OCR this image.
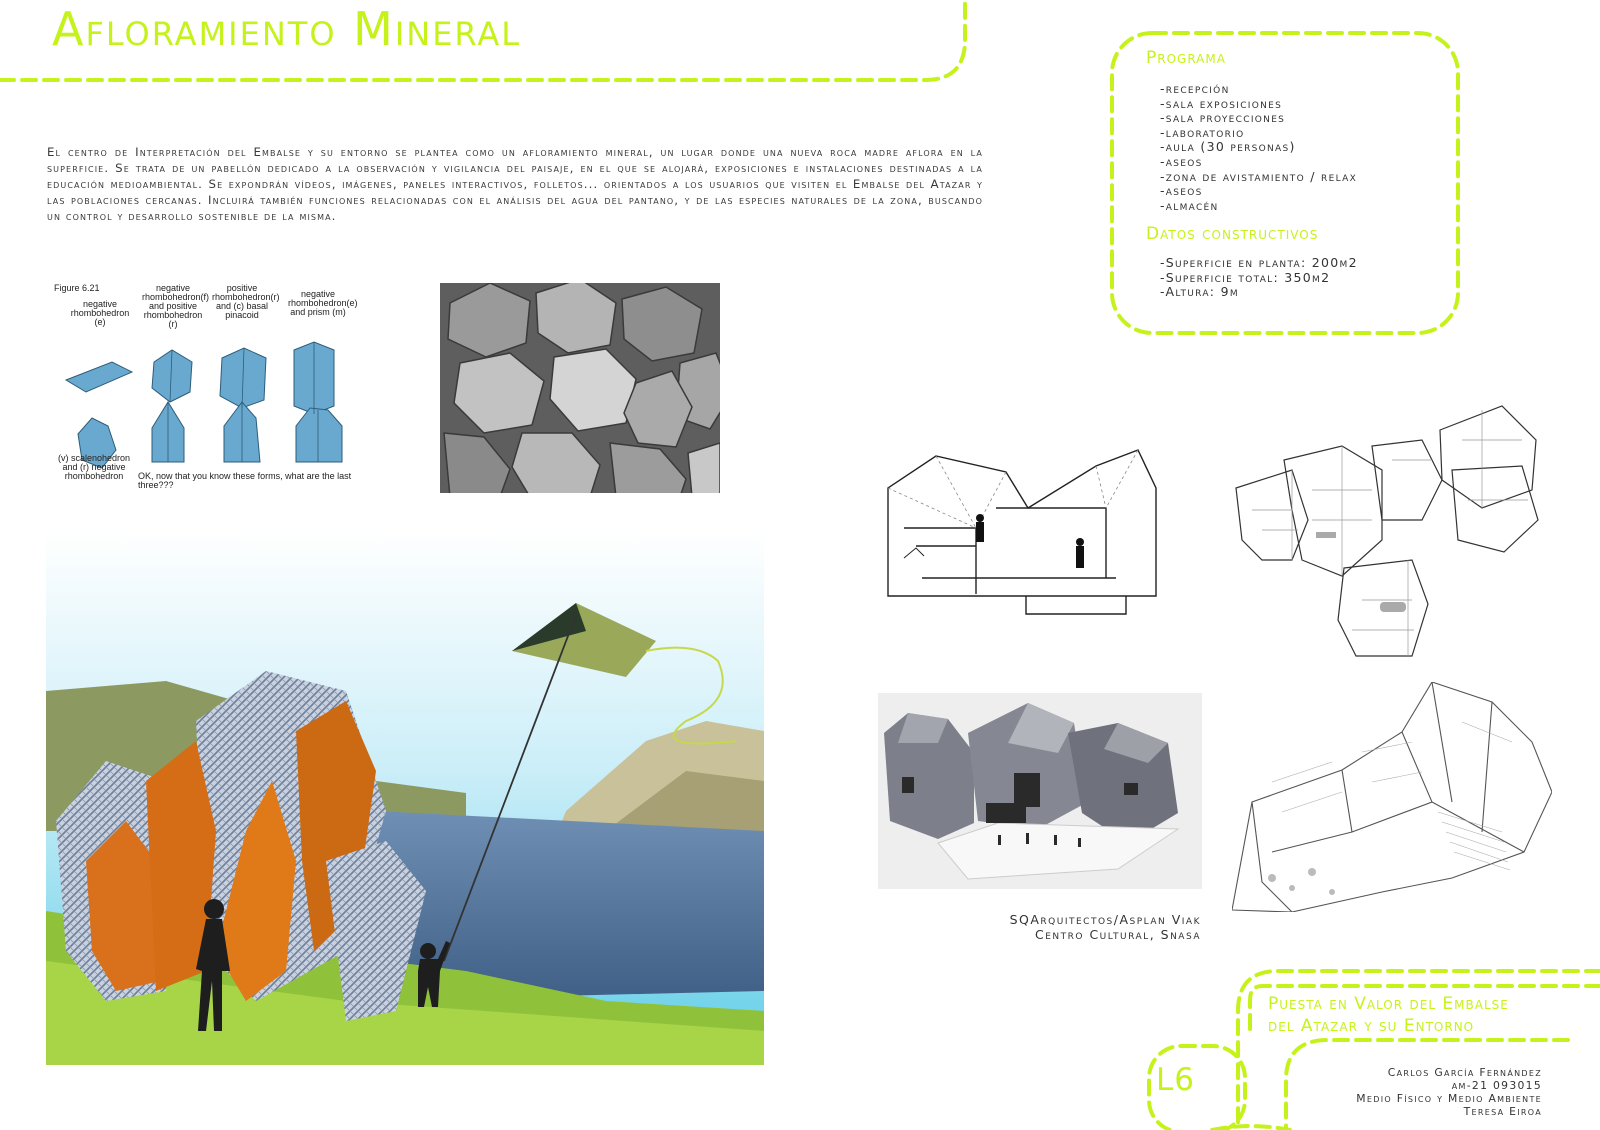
Afloramiento Mineral

El centro de Interpretación del Embalse y su entorno se plantea como un afloramiento mineral, un lugar donde una nueva roca madre aflora en la superficie. Se trata de un pabellón dedicado a la observación y vigilancia del paisaje, en el que se alojará, exposiciones e instalaciones destinadas a la educación medioambiental. Se expondrán vídeos, imágenes, paneles interactivos, folletos... orientados a los usuarios que visiten el Embalse del Atazar y las poblaciones cercanas. Incluirá también funciones relacionadas con el análisis del agua del pantano, y de las especies naturales de la zona, buscando un control y desarrollo sostenible de la misma.

Programa
-recepción
-sala exposiciones
-sala proyecciones
-laboratorio
-aula (30 personas)
-aseos
-zona de avistamiento / relax
-aseos
-almacén
Datos constructivos
-Superficie en planta: 200m2
-Superficie total: 350m2
-Altura: 9m
Figure 6.21
negative rhombohedron (e)
negative rhombohedron(f) and positive rhombohedron (r)
positive rhombohedron(r) and (c) basal pinacoid
negative rhombohedron(e) and prism (m)
(v) scalenohedron and (r) negative rhombohedron	OK, now that you know these forms, what are the last three???
SQArquitectos/Asplan Viak
Centro Cultural, Snasa
Puesta en Valor del Embalse
del Atazar y su Entorno
L6	Carlos García Fernández
am-21 093015
Medio Físico y Medio Ambiente
Teresa Eiroa
